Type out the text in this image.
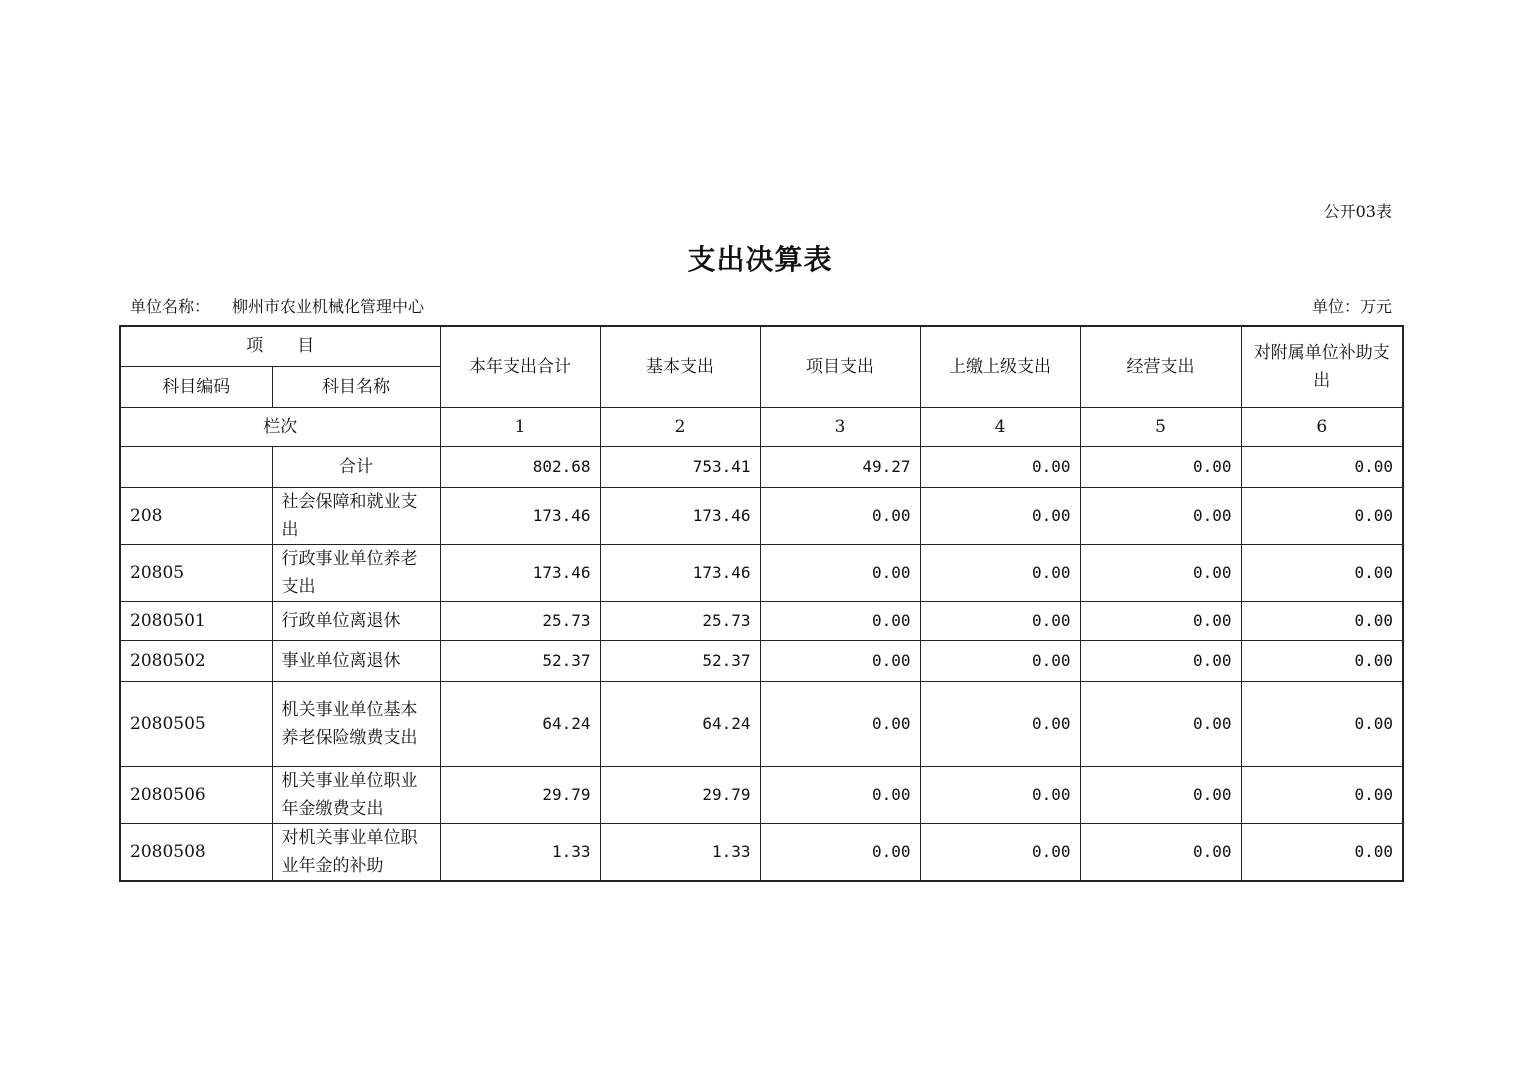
公开03表
支出决算表
单位名称： 柳州市农业机械化管理中心	单位：万元
项　　目		本年支出合计	基本支出	项目支出	上缴上级支出	经营支出	对附属单位补助支出
科目编码	科目名称						
栏次		1	2	3	4	5	6
	合计	802.68	753.41	49.27	0.00	0.00	0.00
208	社会保障和就业支出	173.46	173.46	0.00	0.00	0.00	0.00
20805	行政事业单位养老支出	173.46	173.46	0.00	0.00	0.00	0.00
2080501	行政单位离退休	25.73	25.73	0.00	0.00	0.00	0.00
2080502	事业单位离退休	52.37	52.37	0.00	0.00	0.00	0.00
2080505	机关事业单位基本养老保险缴费支出	64.24	64.24	0.00	0.00	0.00	0.00
2080506	机关事业单位职业年金缴费支出	29.79	29.79	0.00	0.00	0.00	0.00
2080508	对机关事业单位职业年金的补助	1.33	1.33	0.00	0.00	0.00	0.00
